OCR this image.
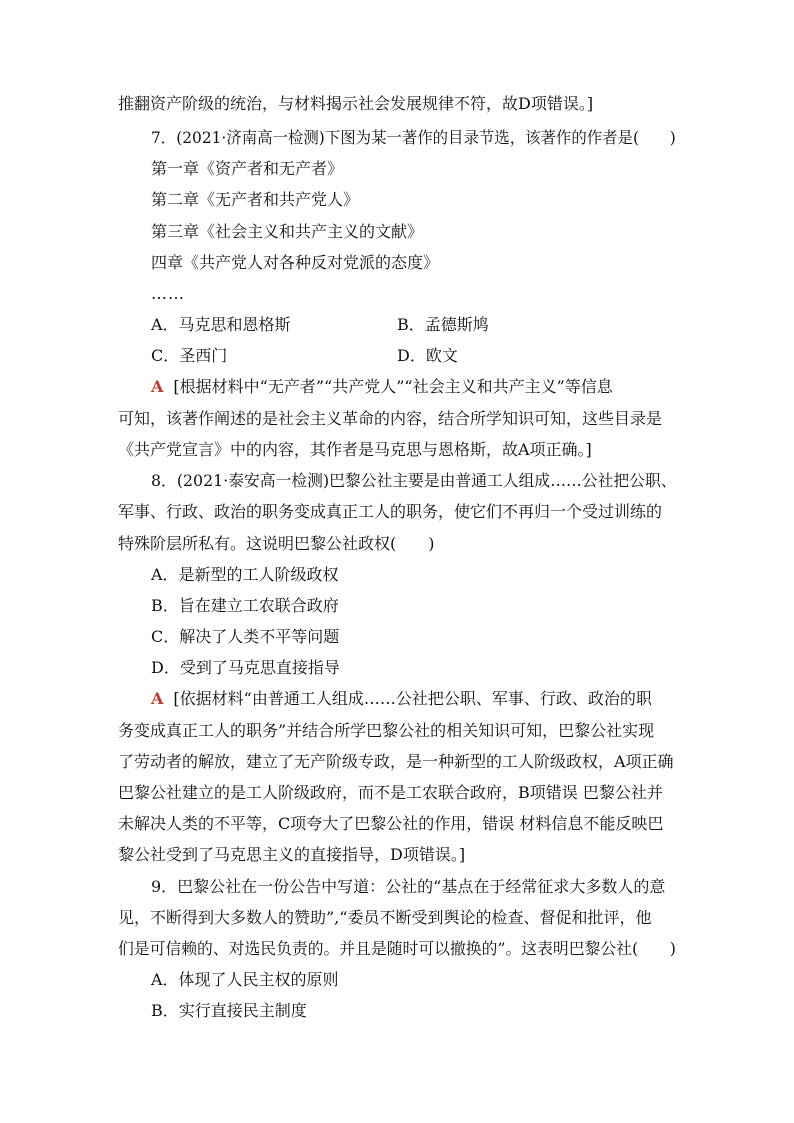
推翻资产阶级的统治，与材料揭示社会发展规律不符，故D项错误。]
7．(2021·济南高一检测)下图为某一著作的目录节选，该著作的作者是(　　)
第一章《资产者和无产者》
第二章《无产者和共产党人》
第三章《社会主义和共产主义的文献》
四章《共产党人对各种反对党派的态度》
……
A．马克思和恩格斯	B．孟德斯鸠
C．圣西门	D．欧文
A [根据材料中“无产者”“共产党人”“社会主义和共产主义”等信息
可知，该著作阐述的是社会主义革命的内容，结合所学知识可知，这些目录是
《共产党宣言》中的内容，其作者是马克思与恩格斯，故A项正确。]
8．(2021·泰安高一检测)巴黎公社主要是由普通工人组成……公社把公职、
军事、行政、政治的职务变成真正工人的职务，使它们不再归一个受过训练的
特殊阶层所私有。这说明巴黎公社政权(　　)
A．是新型的工人阶级政权
B．旨在建立工农联合政府
C．解决了人类不平等问题
D．受到了马克思直接指导
A [依据材料“由普通工人组成……公社把公职、军事、行政、政治的职
务变成真正工人的职务”并结合所学巴黎公社的相关知识可知，巴黎公社实现
了劳动者的解放，建立了无产阶级专政，是一种新型的工人阶级政权，A项正确
巴黎公社建立的是工人阶级政府，而不是工农联合政府，B项错误 巴黎公社并
未解决人类的不平等，C项夸大了巴黎公社的作用，错误 材料信息不能反映巴
黎公社受到了马克思主义的直接指导，D项错误。]
9．巴黎公社在一份公告中写道：公社的“基点在于经常征求大多数人的意
见，不断得到大多数人的赞助”,“委员不断受到舆论的检查、督促和批评，他
们是可信赖的、对选民负责的。并且是随时可以撤换的”。这表明巴黎公社(　　)
A．体现了人民主权的原则
B．实行直接民主制度
